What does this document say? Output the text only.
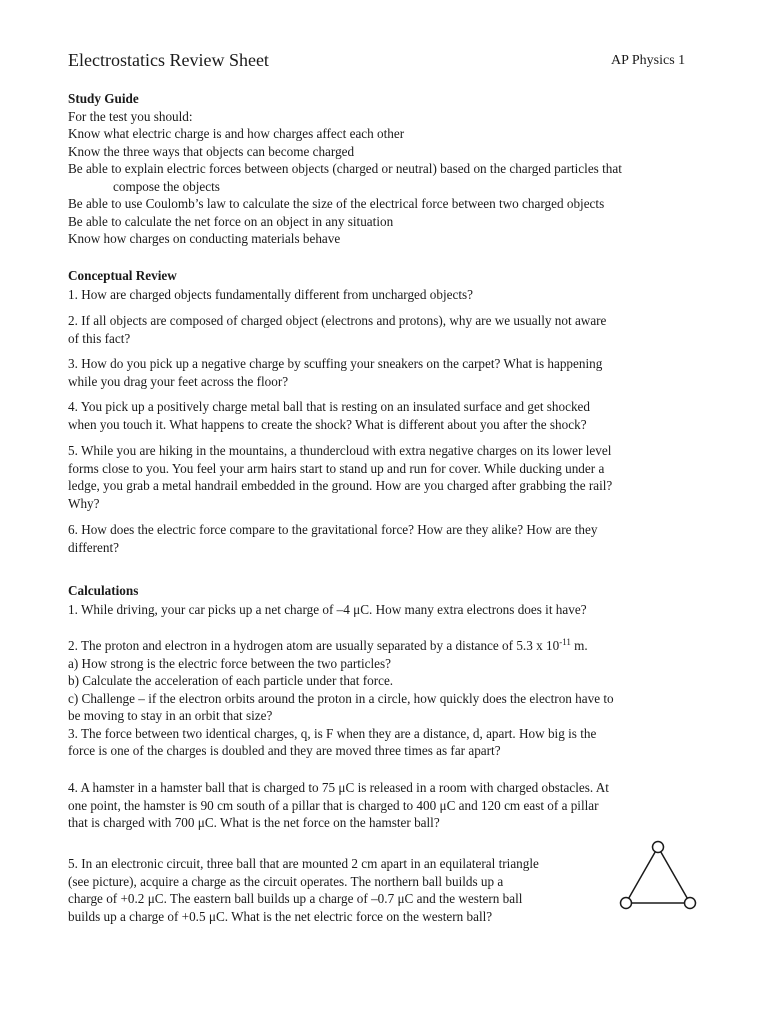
Electrostatics Review Sheet	AP Physics 1
Study Guide
For the test you should:
Know what electric charge is and how charges affect each other
Know the three ways that objects can become charged
Be able to explain electric forces between objects (charged or neutral) based on the charged particles that
compose the objects
Be able to use Coulomb’s law to calculate the size of the electrical force between two charged objects
Be able to calculate the net force on an object in any situation
Know how charges on conducting materials behave
Conceptual Review
1. How are charged objects fundamentally different from uncharged objects?
2. If all objects are composed of charged object (electrons and protons), why are we usually not aware
of this fact?
3. How do you pick up a negative charge by scuffing your sneakers on the carpet? What is happening
while you drag your feet across the floor?
4. You pick up a positively charge metal ball that is resting on an insulated surface and get shocked
when you touch it. What happens to create the shock? What is different about you after the shock?
5. While you are hiking in the mountains, a thundercloud with extra negative charges on its lower level
forms close to you. You feel your arm hairs start to stand up and run for cover. While ducking under a
ledge, you grab a metal handrail embedded in the ground. How are you charged after grabbing the rail?
Why?
6. How does the electric force compare to the gravitational force? How are they alike? How are they
different?
Calculations
1. While driving, your car picks up a net charge of –4 μC. How many extra electrons does it have?
2. The proton and electron in a hydrogen atom are usually separated by a distance of 5.3 x $10^{-11}$ m.
a) How strong is the electric force between the two particles?
b) Calculate the acceleration of each particle under that force.
c) Challenge – if the electron orbits around the proton in a circle, how quickly does the electron have to
be moving to stay in an orbit that size?
3. The force between two identical charges, q, is F when they are a distance, d, apart. How big is the
force is one of the charges is doubled and they are moved three times as far apart?
4. A hamster in a hamster ball that is charged to 75 μC is released in a room with charged obstacles. At
one point, the hamster is 90 cm south of a pillar that is charged to 400 μC and 120 cm east of a pillar
that is charged with 700 μC. What is the net force on the hamster ball?
5. In an electronic circuit, three ball that are mounted 2 cm apart in an equilateral triangle
(see picture), acquire a charge as the circuit operates. The northern ball builds up a
charge of +0.2 μC. The eastern ball builds up a charge of –0.7 μC and the western ball
builds up a charge of +0.5 μC. What is the net electric force on the western ball?
